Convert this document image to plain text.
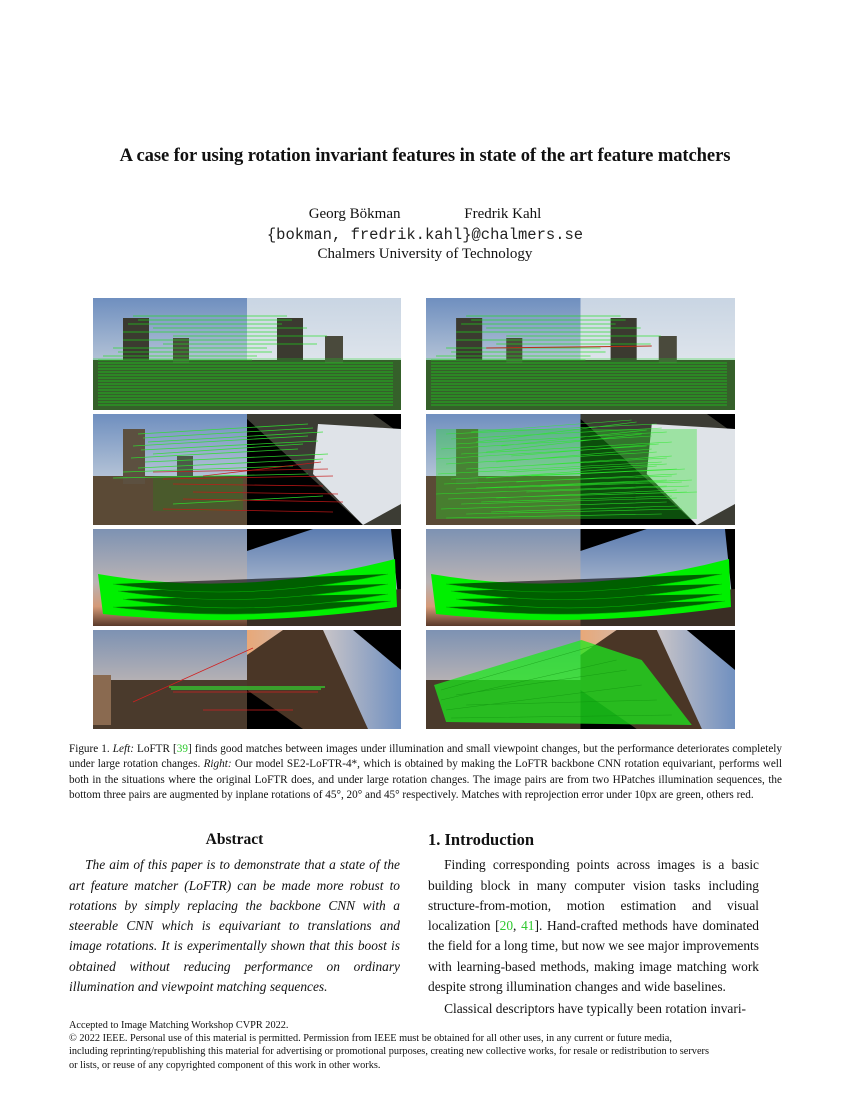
A case for using rotation invariant features in state of the art feature matchers
Georg Bökman	Fredrik Kahl
{bokman, fredrik.kahl}@chalmers.se
Chalmers University of Technology
Figure 1. Left: LoFTR [39] finds good matches between images under illumination and small viewpoint changes, but the performance deteriorates completely under large rotation changes. Right: Our model SE2-LoFTR-4*, which is obtained by making the LoFTR backbone CNN rotation equivariant, performs well both in the situations where the original LoFTR does, and under large rotation changes. The image pairs are from two HPatches illumination sequences, the bottom three pairs are augmented by inplane rotations of 45°, 20° and 45° respectively. Matches with reprojection error under 10px are green, others red.
Abstract
The aim of this paper is to demonstrate that a state of the art feature matcher (LoFTR) can be made more robust to rotations by simply replacing the backbone CNN with a steerable CNN which is equivariant to translations and image rotations. It is experimentally shown that this boost is obtained without reducing performance on ordinary illumination and viewpoint matching sequences.
1. Introduction

Finding corresponding points across images is a basic building block in many computer vision tasks including structure-from-motion, motion estimation and visual localization [20, 41]. Hand-crafted methods have dominated the field for a long time, but now we see major improvements with learning-based methods, making image matching work despite strong illumination changes and wide baselines.

Classical descriptors have typically been rotation invari-

Accepted to Image Matching Workshop CVPR 2022.
© 2022 IEEE. Personal use of this material is permitted. Permission from IEEE must be obtained for all other uses, in any current or future media,
including reprinting/republishing this material for advertising or promotional purposes, creating new collective works, for resale or redistribution to servers
or lists, or reuse of any copyrighted component of this work in other works.
